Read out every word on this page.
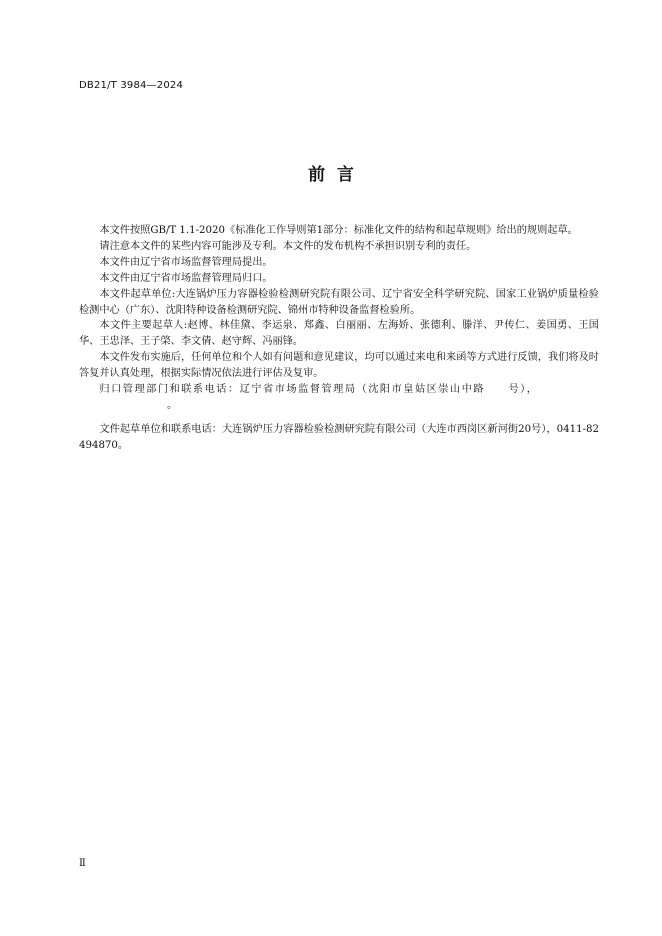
DB21/T 3984—2024
前  言

本文件按照GB/T 1.1-2020《标准化工作导则第1部分：标准化文件的结构和起草规则》给出的规则起草。

请注意本文件的某些内容可能涉及专利。本文件的发布机构不承担识别专利的责任。

本文件由辽宁省市场监督管理局提出。

本文件由辽宁省市场监督管理局归口。

本文件起草单位:大连锅炉压力容器检验检测研究院有限公司、辽宁省安全科学研究院、国家工业锅炉质量检验检测中心（广东）、沈阳特种设备检测研究院、锦州市特种设备监督检验所。

本文件主要起草人:赵博、林佳黛、李运泉、郑鑫、白丽丽、左海娇、张德利、滕洋、尹传仁、姜国勇、王国华、王忠泽、王子棨、李文倩、赵守辉、冯丽锋。

本文件发布实施后，任何单位和个人如有问题和意见建议，均可以通过来电和来函等方式进行反馈，我们将及时答复并认真处理，根据实际情况依法进行评估及复审。

归口管理部门和联系电话：辽宁省市场监督管理局（沈阳市皇姑区崇山中路　　号），

。

文件起草单位和联系电话：大连锅炉压力容器检验检测研究院有限公司（大连市西岗区新河街20号），0411-82494870。

Ⅱ
